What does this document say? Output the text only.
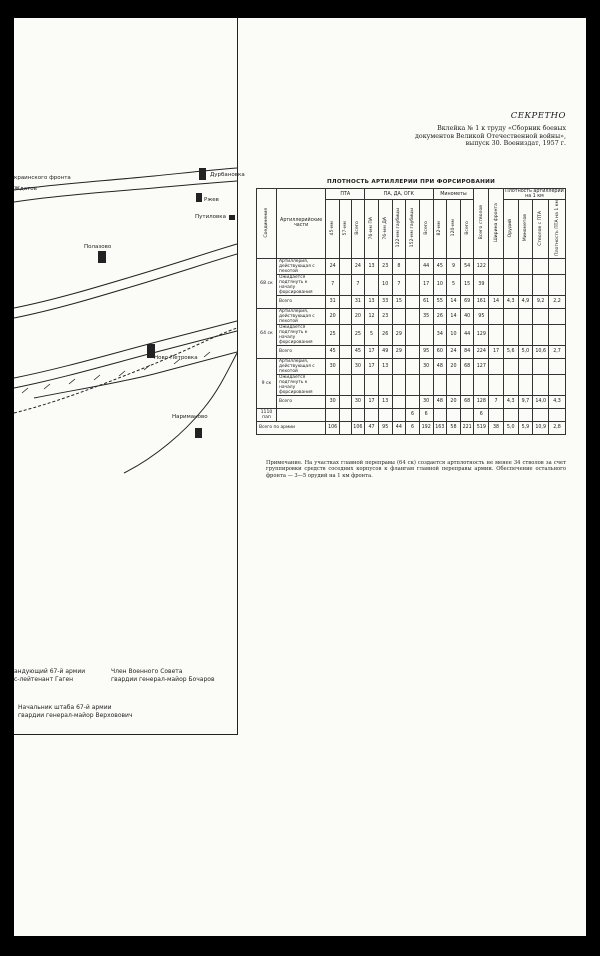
краинского фронта
Ждатов
Дурбановка
Ржев
Путиловка
Полазово
Ново-Петровка
Нариманово
андующий 67-й армии
с-лейтенант Гаген
Член Военного Совета
гвардии генерал-майор Бочаров
Начальник штаба 67-й армии
гвардии генерал-майор Верховович
СЕКРЕТНО
Вклейка № 1 к труду «Сборник боевых
документов Великой Отечественной войны»,
выпуск 30. Воениздат, 1957 г.
ПЛОТНОСТЬ АРТИЛЛЕРИИ ПРИ ФОРСИРОВАНИИ
Соединения	Артиллерийские части	ПТА			ПА, ДА, ОГК					Минометы			Всего стволов	Ширина фронта	Плотность артиллерии на 1 км			
		45-мм	57-мм	Всего	76-мм ПА	76-мм ДА	122-мм гаубицы	152-мм гаубицы	Всего	82-мм	120-мм	Всего			Орудий	Минометов	Стволов с ПТА	Плотность ПТА на 1 км
68 ск	Артиллерия, действующая с пехотой	24		24	13	23	8		44	45	9	54	122					
	Ожидается подтянуть к началу форсирования	7		7		10	7		17	10	5	15	39					
	Всего	31		31	13	33	15		61	55	14	69	161	14	4,3	4,9	9,2	2,2
64 ск	Артиллерия, действующая с пехотой	20		20	12	23			35	26	14	40	95					
	Ожидается подтянуть к началу форсирования	25		25	5	26	29			34	10	44	129					
	Всего	45		45	17	49	29		95	60	24	84	224	17	5,6	5,0	10,6	2,7
9 ск	Артиллерия, действующая с пехотой	30		30	17	13			30	48	20	68	127					
	Ожидается подтянуть к началу форсирования																	
	Всего	30		30	17	13			30	48	20	68	128	7	4,3	9,7	14,0	4,3
1110 пап								6	6				6					
Всего по армии		106		106	47	95	44	6	192	163	58	221	519	38	5,0	5,9	10,9	2,8
Примечание. На участках главной переправы (64 ск) создается артплотность не менее 34 стволов за счет группировки средств соседних корпусов к флангам главной переправы армии. Обеспечение остального фронта — 3—5 орудий на 1 км фронта.
